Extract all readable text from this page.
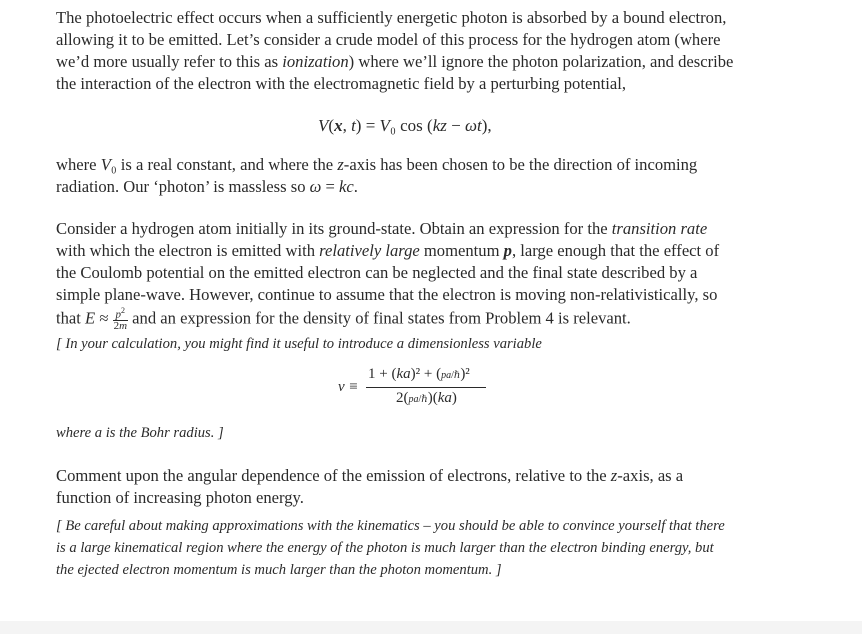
The photoelectric effect occurs when a sufficiently energetic photon is absorbed by a bound electron,
allowing it to be emitted. Let’s consider a crude model of this process for the hydrogen atom (where
we’d more usually refer to this as ionization) where we’ll ignore the photon polarization, and describe
the interaction of the electron with the electromagnetic field by a perturbing potential,
V(x, t) = V₀ cos (kz − ωt),
where V₀ is a real constant, and where the z-axis has been chosen to be the direction of incoming
radiation. Our ‘photon’ is massless so ω = kc.
Consider a hydrogen atom initially in its ground-state. Obtain an expression for the transition rate
with which the electron is emitted with relatively large momentum p, large enough that the effect of
the Coulomb potential on the emitted electron can be neglected and the final state described by a
simple plane-wave. However, continue to assume that the electron is moving non-relativistically, so
that $E \approx p^2$
2m and an expression for the density of final states from Problem 4 is relevant.
[ In your calculation, you might find it useful to introduce a dimensionless variable
ν ≡
1 + (ka)² + (pa/ℏ)²
2(pa/ℏ)(ka)
where a is the Bohr radius. ]
Comment upon the angular dependence of the emission of electrons, relative to the z-axis, as a
function of increasing photon energy.
[ Be careful about making approximations with the kinematics – you should be able to convince yourself that there
is a large kinematical region where the energy of the photon is much larger than the electron binding energy, but
the ejected electron momentum is much larger than the photon momentum. ]
